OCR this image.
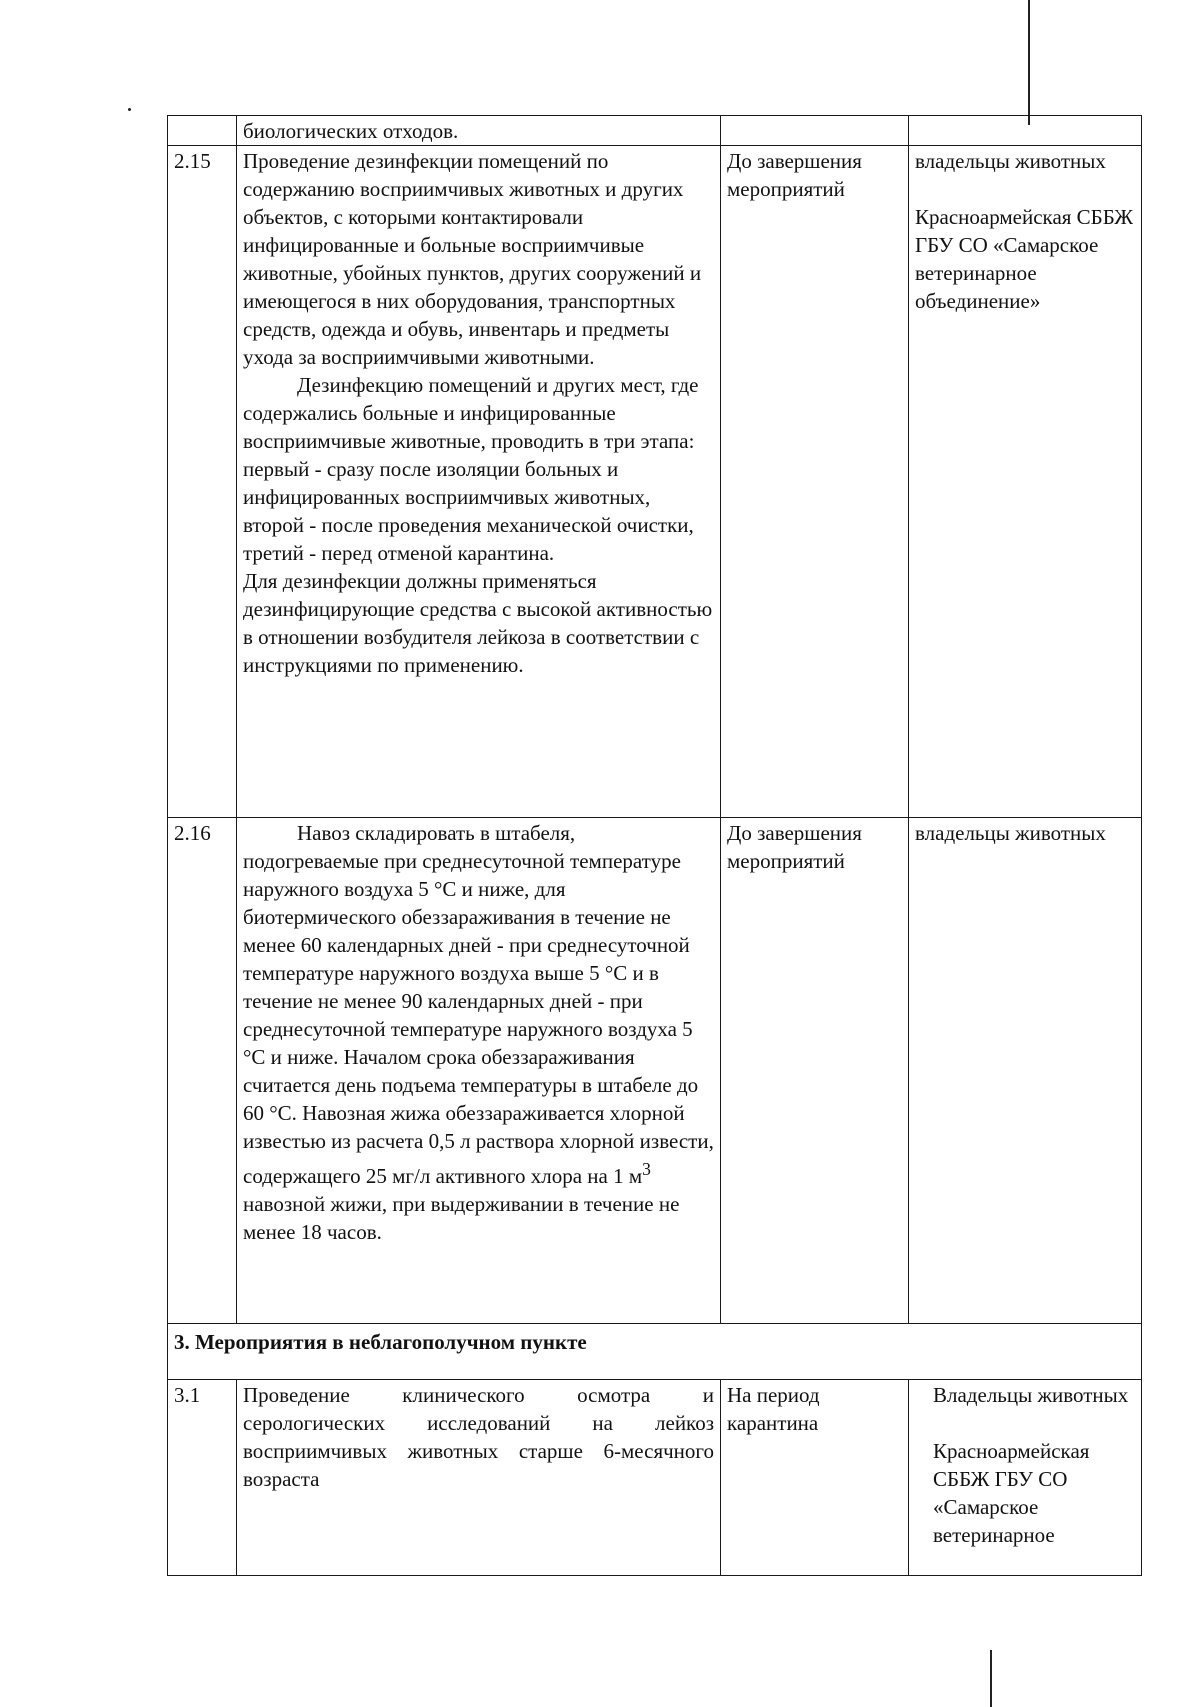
	биологических отходов.		
2.15	Проведение дезинфекции помещений по содержанию восприимчивых животных и других объектов, с которыми контактировали инфицированные и больные восприимчивые животные, убойных пунктов, других сооружений и имеющегося в них оборудования, транспортных средств, одежда и обувь, инвентарь и предметы ухода за восприимчивыми животными.
Дезинфекцию помещений и других мест, где содержались больные и инфицированные восприимчивые животные, проводить в три этапа: первый - сразу после изоляции больных и инфицированных восприимчивых животных, второй - после проведения механической очистки, третий - перед отменой карантина.
Для дезинфекции должны применяться дезинфицирующие средства с высокой активностью в отношении возбудителя лейкоза в соответствии с инструкциями по применению.	До завершения мероприятий	владельцы животных
Красноармейская СББЖ ГБУ СО «Самарское ветеринарное объединение»

2.16	Навоз складировать в штабеля, подогреваемые при среднесуточной температуре наружного воздуха 5 °С и ниже, для биотермического обеззараживания в течение не менее 60 календарных дней - при среднесуточной температуре наружного воздуха выше 5 °С и в течение не менее 90 календарных дней - при среднесуточной температуре наружного воздуха 5 °С и ниже. Началом срока обеззараживания считается день подъема температуры в штабеле до 60 °С. Навозная жижа обеззараживается хлорной известью из расчета 0,5 л раствора хлорной извести, содержащего 25 мг/л активного хлора на 1 $м^3$ навозной жижи, при выдерживании в течение не менее 18 часов.	До завершения мероприятий	владельцы животных

3. Мероприятия в неблагополучном пункте			
3.1	Проведение клинического осмотра и серологических исследований на лейкоз восприимчивых животных старше 6-месячного возраста	На период карантина	Владельцы животных
Красноармейская СББЖ ГБУ СО «Самарское ветеринарное
